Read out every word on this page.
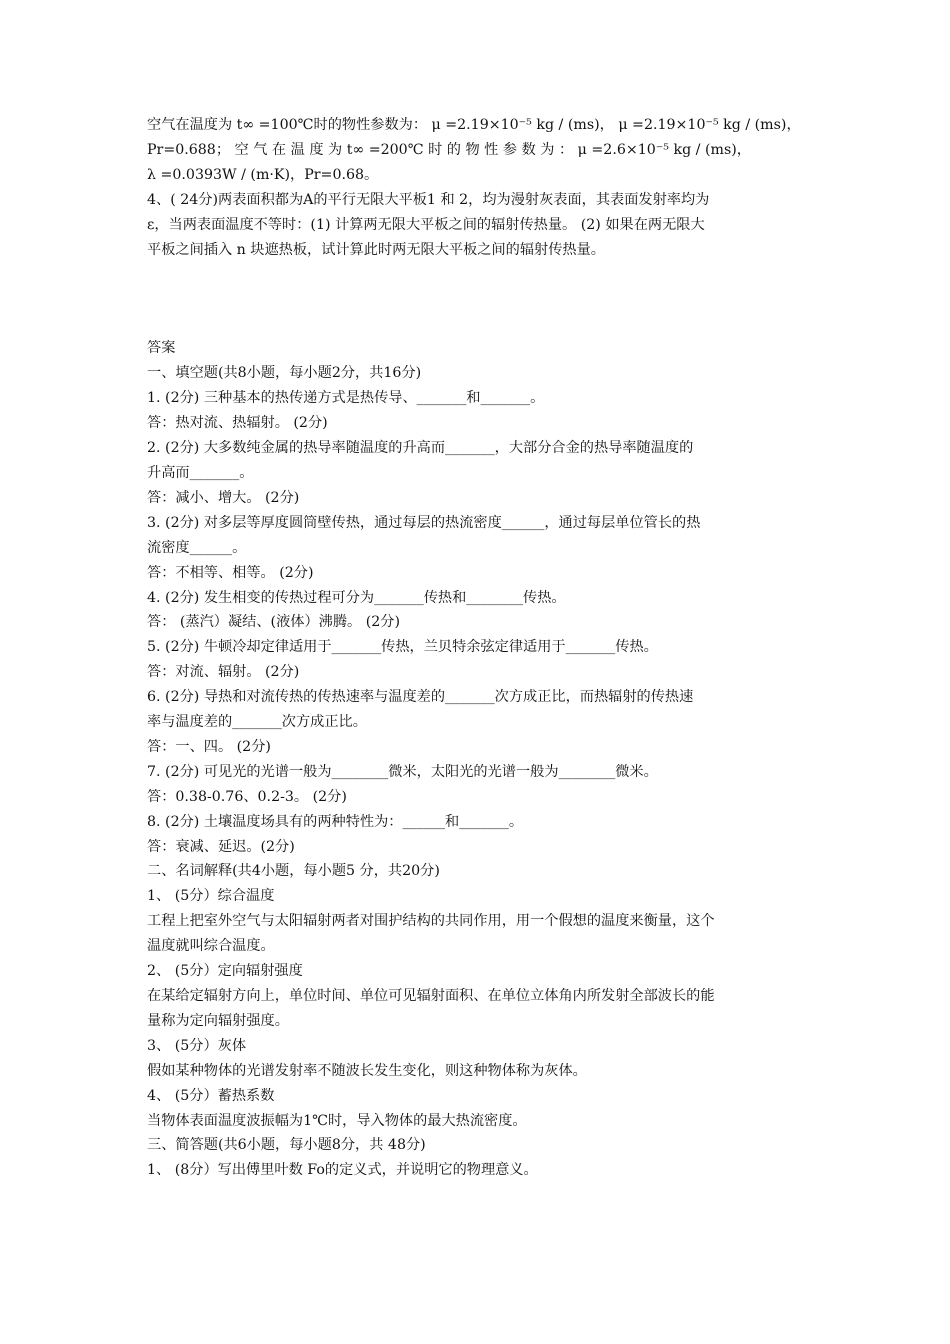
空气在温度为 t∞ =100℃时的物性参数为： μ =2.19×10⁻⁵ kg / (ms)， μ =2.19×10⁻⁵ kg / (ms)，
Pr=0.688； 空 气 在 温 度 为 t∞ =200℃ 时 的 物 性 参 数 为 ： μ =2.6×10⁻⁵ kg / (ms)，
λ =0.0393W / (m·K)，Pr=0.68。
4、( 24分)两表面积都为A的平行无限大平板1 和 2，均为漫射灰表面，其表面发射率均为
ε，当两表面温度不等时：(1) 计算两无限大平板之间的辐射传热量。 (2) 如果在两无限大
平板之间插入 n 块遮热板，试计算此时两无限大平板之间的辐射传热量。
答案
一、填空题(共8小题，每小题2分，共16分)
1. (2分) 三种基本的热传递方式是热传导、_______和_______。
答：热对流、热辐射。 (2分)
2. (2分) 大多数纯金属的热导率随温度的升高而_______，大部分合金的热导率随温度的
升高而_______。
答：减小、增大。 (2分)
3. (2分) 对多层等厚度圆筒壁传热，通过每层的热流密度______，通过每层单位管长的热
流密度______。
答：不相等、相等。 (2分)
4. (2分) 发生相变的传热过程可分为_______传热和________传热。
答： (蒸汽）凝结、(液体）沸腾。 (2分)
5. (2分) 牛顿冷却定律适用于_______传热，兰贝特余弦定律适用于_______传热。
答：对流、辐射。 (2分)
6. (2分) 导热和对流传热的传热速率与温度差的_______次方成正比，而热辐射的传热速
率与温度差的_______次方成正比。
答：一、四。 (2分)
7. (2分) 可见光的光谱一般为________微米，太阳光的光谱一般为________微米。
答：0.38-0.76、0.2-3。 (2分)
8. (2分) 土壤温度场具有的两种特性为：______和_______。
答：衰减、延迟。(2分)
二、名词解释(共4小题，每小题5 分，共20分)
1、 (5分）综合温度
工程上把室外空气与太阳辐射两者对围护结构的共同作用，用一个假想的温度来衡量，这个
温度就叫综合温度。
2、 (5分）定向辐射强度
在某给定辐射方向上，单位时间、单位可见辐射面积、在单位立体角内所发射全部波长的能
量称为定向辐射强度。
3、 (5分）灰体
假如某种物体的光谱发射率不随波长发生变化，则这种物体称为灰体。
4、 (5分）蓄热系数
当物体表面温度波振幅为1℃时，导入物体的最大热流密度。
三、简答题(共6小题，每小题8分，共 48分)
1、 (8分）写出傅里叶数 Fo的定义式，并说明它的物理意义。
